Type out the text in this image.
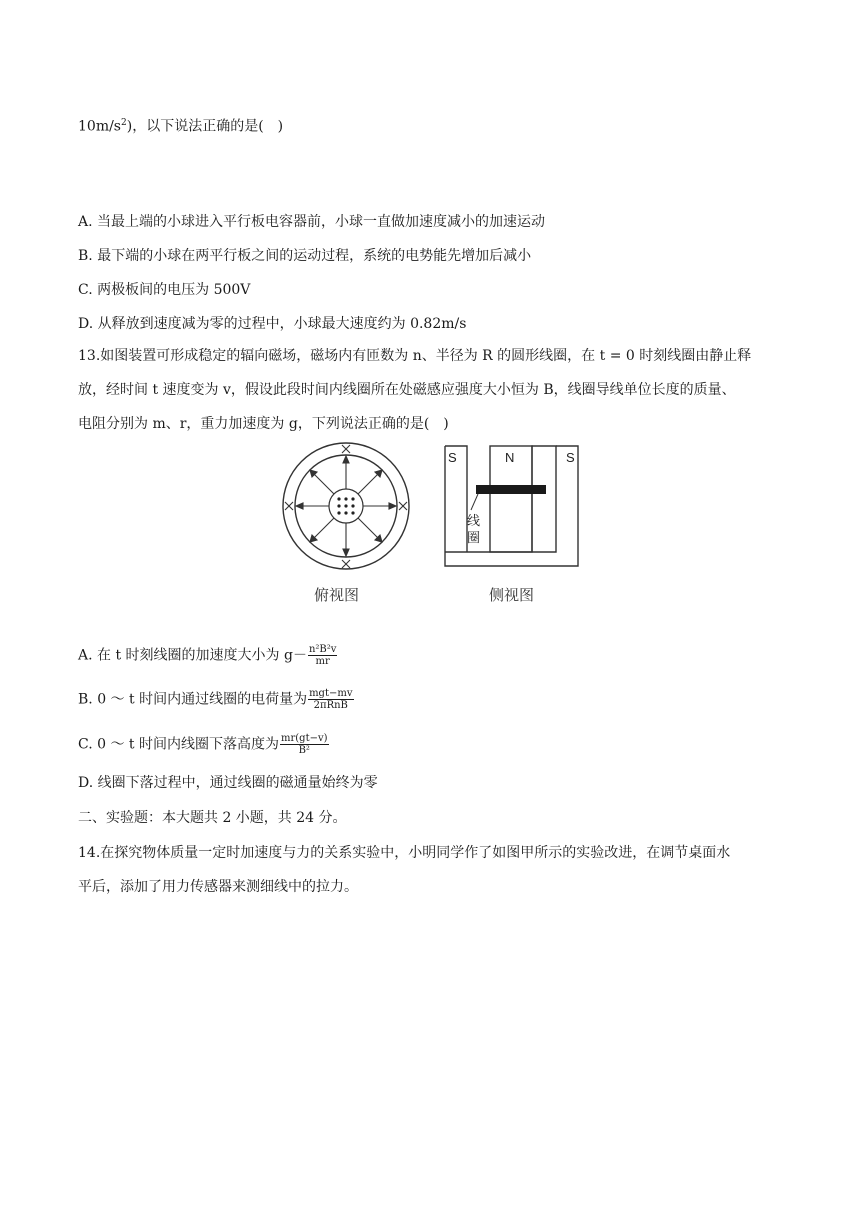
$10m/s^2$)，以下说法正确的是(　)
A. 当最上端的小球进入平行板电容器前，小球一直做加速度减小的加速运动
B. 最下端的小球在两平行板之间的运动过程，系统的电势能先增加后减小
C. 两极板间的电压为 500V
D. 从释放到速度减为零的过程中，小球最大速度约为 0.82m/s
13.如图装置可形成稳定的辐向磁场，磁场内有匝数为 n、半径为 R 的圆形线圈，在 t = 0 时刻线圈由静止释
放，经时间 t 速度变为 v，假设此段时间内线圈所在处磁感应强度大小恒为 B，线圈导线单位长度的质量、
电阻分别为 m、r，重力加速度为 g，下列说法正确的是(　)
S	N	S
线
圈
俯视图	侧视图
A. 在 t 时刻线圈的加速度大小为 $g- \frac{\text{n²B²v}}{mr}$
B. 0 ～ t 时间内通过线圈的电荷量为 $\frac{\text{mgt−mv}}{\text{2πRnB}}$
C. 0 ～ t 时间内线圈下落高度为 $\frac{mr(gt-v)}{\text{B²}}$
D. 线圈下落过程中，通过线圈的磁通量始终为零
二、实验题：本大题共 2 小题，共 24 分。
14.在探究物体质量一定时加速度与力的关系实验中，小明同学作了如图甲所示的实验改进，在调节桌面水
平后，添加了用力传感器来测细线中的拉力。
